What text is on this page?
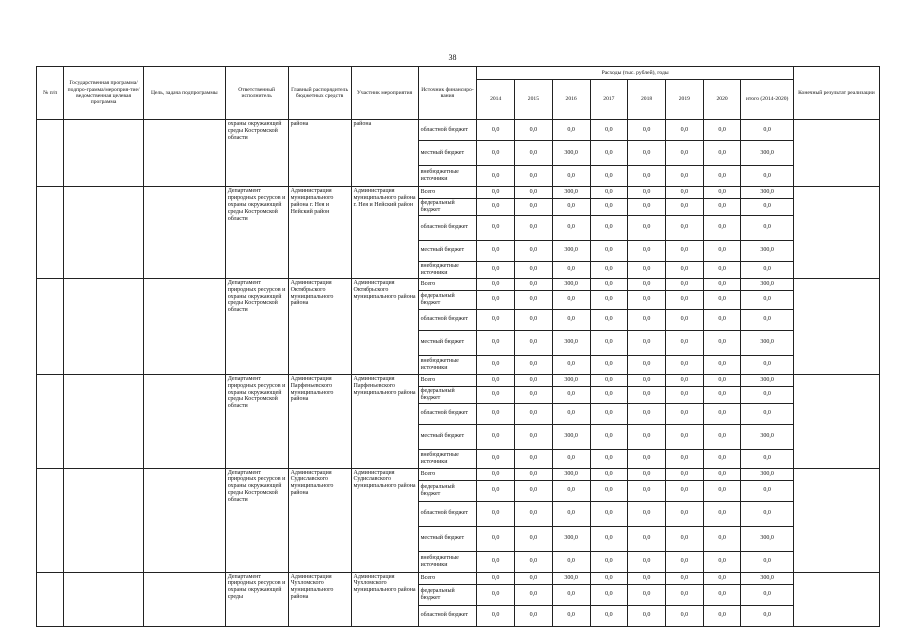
38
№ п/п	Государственная программа/подпро-грамма/мероприя-тие/ведомственная целевая программа	Цель, задача подпрограммы	Ответственный исполнитель	Главный распорядитель бюджетных средств	Участник мероприятия	Источник финансиро-вания	Расходы (тыс. рублей), годы								Конечный результат реализации
							2014	2015	2016	2017	2018	2019	2020	итого (2014-2020)	
			охраны окружающей среды Костромской области	района	района	областной бюджет	0,0	0,0	0,0	0,0	0,0	0,0	0,0	0,0	
						местный бюджет	0,0	0,0	300,0	0,0	0,0	0,0	0,0	300,0	
						внебюджетные источники	0,0	0,0	0,0	0,0	0,0	0,0	0,0	0,0	
			Департамент природных ресурсов и охраны окружающей среды Костромской области	Администрация муниципального района г. Нея и Нейский район	Администрация муниципального района г. Нея и Нейский район	Всего	0,0	0,0	300,0	0,0	0,0	0,0	0,0	300,0	
						федеральный бюджет	0,0	0,0	0,0	0,0	0,0	0,0	0,0	0,0	
						областной бюджет	0,0	0,0	0,0	0,0	0,0	0,0	0,0	0,0	
						местный бюджет	0,0	0,0	300,0	0,0	0,0	0,0	0,0	300,0	
						внебюджетные источники	0,0	0,0	0,0	0,0	0,0	0,0	0,0	0,0	
			Департамент природных ресурсов и охраны окружающей среды Костромской области	Администрация Октябрьского муниципального района	Администрация Октябрьского муниципального района	Всего	0,0	0,0	300,0	0,0	0,0	0,0	0,0	300,0	
						федеральный бюджет	0,0	0,0	0,0	0,0	0,0	0,0	0,0	0,0	
						областной бюджет	0,0	0,0	0,0	0,0	0,0	0,0	0,0	0,0	
						местный бюджет	0,0	0,0	300,0	0,0	0,0	0,0	0,0	300,0	
						внебюджетные источники	0,0	0,0	0,0	0,0	0,0	0,0	0,0	0,0	
			Департамент природных ресурсов и охраны окружающей среды Костромской области	Администрация Парфеньевского муниципального района	Администрация Парфеньевского муниципального района	Всего	0,0	0,0	300,0	0,0	0,0	0,0	0,0	300,0	
						федеральный бюджет	0,0	0,0	0,0	0,0	0,0	0,0	0,0	0,0	
						областной бюджет	0,0	0,0	0,0	0,0	0,0	0,0	0,0	0,0	
						местный бюджет	0,0	0,0	300,0	0,0	0,0	0,0	0,0	300,0	
						внебюджетные источники	0,0	0,0	0,0	0,0	0,0	0,0	0,0	0,0	
			Департамент природных ресурсов и охраны окружающей среды Костромской области	Администрация Судиславского муниципального района	Администрация Судиславского муниципального района	Всего	0,0	0,0	300,0	0,0	0,0	0,0	0,0	300,0	
						федеральный бюджет	0,0	0,0	0,0	0,0	0,0	0,0	0,0	0,0	
						областной бюджет	0,0	0,0	0,0	0,0	0,0	0,0	0,0	0,0	
						местный бюджет	0,0	0,0	300,0	0,0	0,0	0,0	0,0	300,0	
						внебюджетные источники	0,0	0,0	0,0	0,0	0,0	0,0	0,0	0,0	
			Департамент природных ресурсов и охраны окружающей среды	Администрация Чухломского муниципального района	Администрация Чухломского муниципального района	Всего	0,0	0,0	300,0	0,0	0,0	0,0	0,0	300,0	
						федеральный бюджет	0,0	0,0	0,0	0,0	0,0	0,0	0,0	0,0	
						областной бюджет	0,0	0,0	0,0	0,0	0,0	0,0	0,0	0,0	
